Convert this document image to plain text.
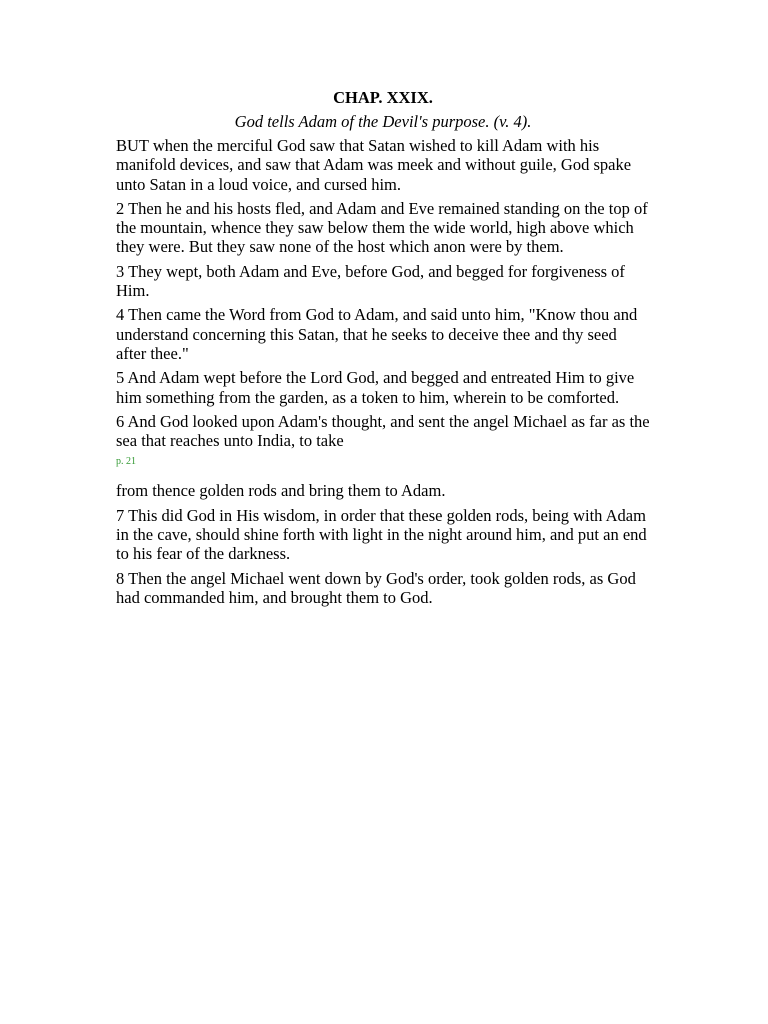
CHAP. XXIX.

God tells Adam of the Devil's purpose. (v. 4).

BUT when the merciful God saw that Satan wished to kill Adam with his manifold devices, and saw that Adam was meek and without guile, God spake unto Satan in a loud voice, and cursed him.

2 Then he and his hosts fled, and Adam and Eve remained standing on the top of the mountain, whence they saw below them the wide world, high above which they were. But they saw none of the host which anon were by them.

3 They wept, both Adam and Eve, before God, and begged for forgiveness of Him.

4 Then came the Word from God to Adam, and said unto him, "Know thou and understand concerning this Satan, that he seeks to deceive thee and thy seed after thee."

5 And Adam wept before the Lord God, and begged and entreated Him to give him something from the garden, as a token to him, wherein to be comforted.

6 And God looked upon Adam's thought, and sent the angel Michael as far as the sea that reaches unto India, to take

p. 21

from thence golden rods and bring them to Adam.

7 This did God in His wisdom, in order that these golden rods, being with Adam in the cave, should shine forth with light in the night around him, and put an end to his fear of the darkness.

8 Then the angel Michael went down by God's order, took golden rods, as God had commanded him, and brought them to God.
